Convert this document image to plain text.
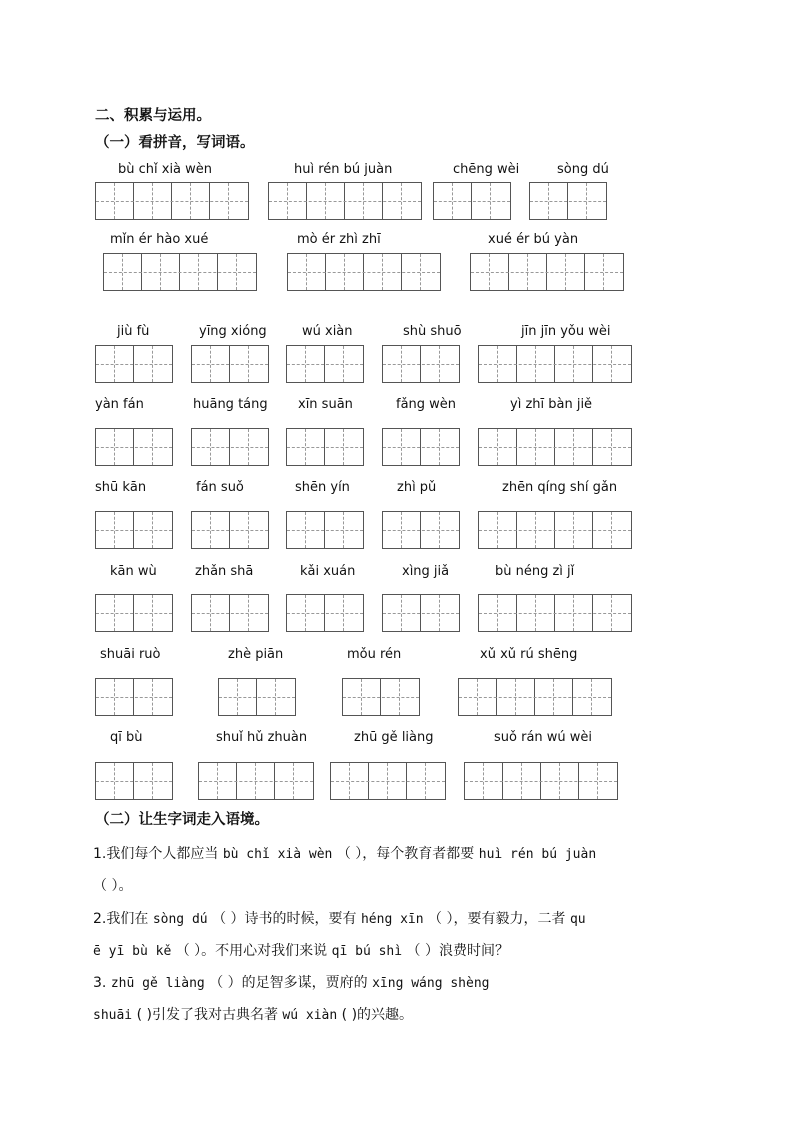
二、积累与运用。
（一）看拼音，写词语。
bù chǐ xià wèn	huì rén bú juàn	chēng wèi	sòng dú
mǐn ér hào xué	mò ér zhì zhī	xué ér bú yàn
jiù fù	yīng xióng	wú xiàn	shù shuō	jīn jīn yǒu wèi
yàn fán	huāng táng xīn suān	fǎng wèn	yì zhī bàn jiě
shū kān	fán suǒ	shēn yín	zhì pǔ	zhēn qíng shí gǎn
kān wù	zhǎn shā	kǎi xuán	xìng jiǎ	bù néng zì jǐ
shuāi ruò	zhè piān	mǒu rén	xǔ xǔ rú shēng
qī bù	shuǐ hǔ zhuàn	zhū gě liàng	suǒ rán wú wèi
（二）让生字词走入语境。
1.我们每个人都应当 bù chǐ xià wèn （ ），每个教育者都要 huì rén bú juàn
（ ）。
2.我们在 sòng dú （ ）诗书的时候，要有 héng xīn （ ），要有毅力，二者 qu
ē yī bù kě （ ）。不用心对我们来说 qī bú shì （ ）浪费时间？
3. zhū gě liàng （ ）的足智多谋，贾府的 xīng wáng shèng
shuāi ( )引发了我对古典名著 wú xiàn ( )的兴趣。
